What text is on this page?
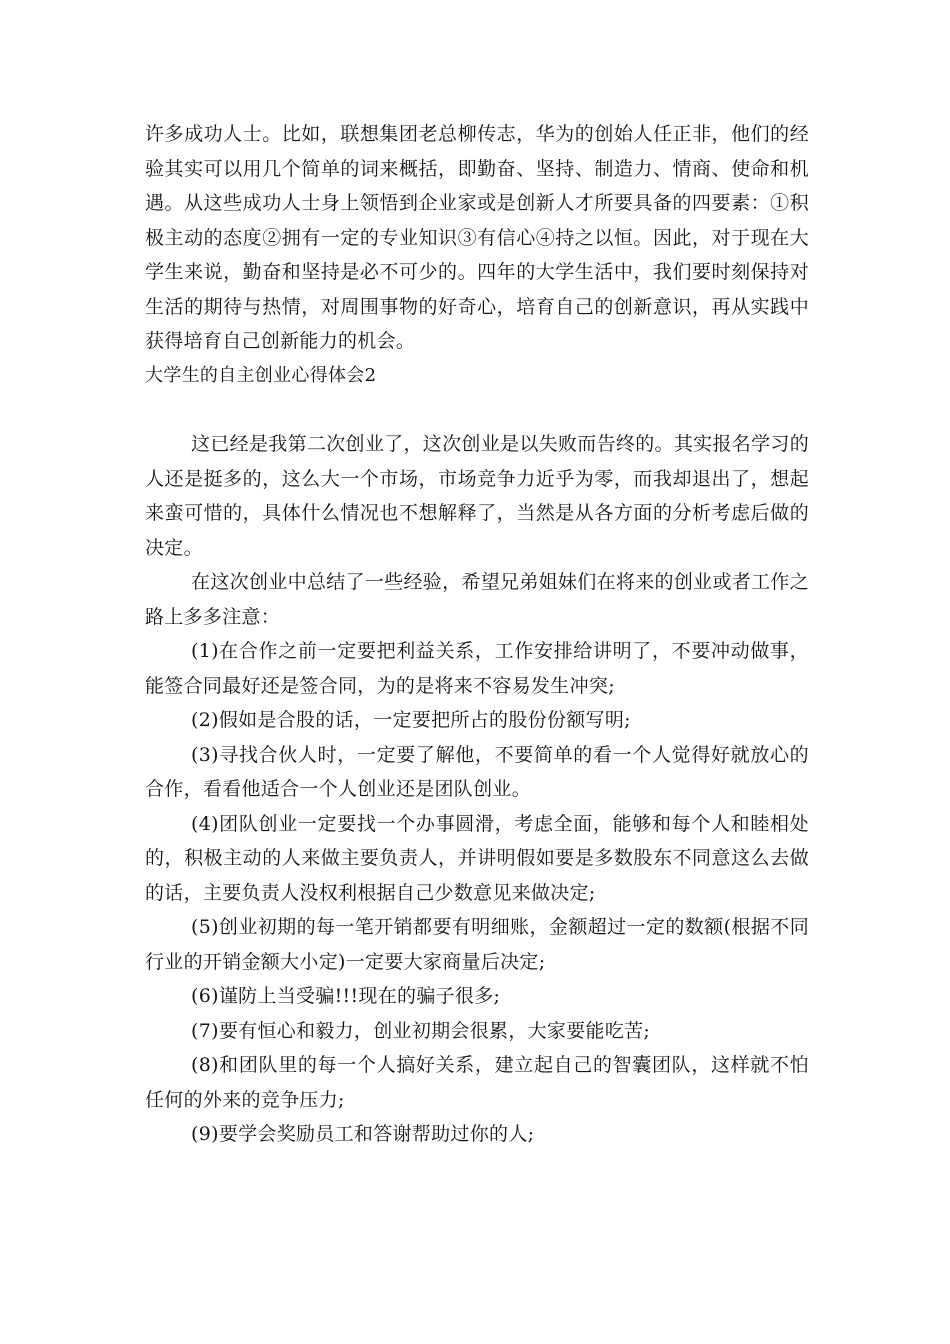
许多成功人士。比如，联想集团老总柳传志，华为的创始人任正非，他们的经验其实可以用几个简单的词来概括，即勤奋、坚持、制造力、情商、使命和机遇。从这些成功人士身上领悟到企业家或是创新人才所要具备的四要素：①积极主动的态度②拥有一定的专业知识③有信心④持之以恒。因此，对于现在大学生来说，勤奋和坚持是必不可少的。四年的大学生活中，我们要时刻保持对生活的期待与热情，对周围事物的好奇心，培育自己的创新意识，再从实践中获得培育自己创新能力的机会。

大学生的自主创业心得体会2

这已经是我第二次创业了，这次创业是以失败而告终的。其实报名学习的人还是挺多的，这么大一个市场，市场竞争力近乎为零，而我却退出了，想起来蛮可惜的，具体什么情况也不想解释了，当然是从各方面的分析考虑后做的决定。

在这次创业中总结了一些经验，希望兄弟姐妹们在将来的创业或者工作之路上多多注意：

(1)在合作之前一定要把利益关系，工作安排给讲明了，不要冲动做事，能签合同最好还是签合同，为的是将来不容易发生冲突;

(2)假如是合股的话，一定要把所占的股份份额写明;

(3)寻找合伙人时，一定要了解他，不要简单的看一个人觉得好就放心的合作，看看他适合一个人创业还是团队创业。

(4)团队创业一定要找一个办事圆滑，考虑全面，能够和每个人和睦相处的，积极主动的人来做主要负责人，并讲明假如要是多数股东不同意这么去做的话，主要负责人没权利根据自己少数意见来做决定;

(5)创业初期的每一笔开销都要有明细账，金额超过一定的数额(根据不同行业的开销金额大小定)一定要大家商量后决定;

(6)谨防上当受骗!!!现在的骗子很多;

(7)要有恒心和毅力，创业初期会很累，大家要能吃苦;

(8)和团队里的每一个人搞好关系，建立起自己的智囊团队，这样就不怕任何的外来的竞争压力;

(9)要学会奖励员工和答谢帮助过你的人;
